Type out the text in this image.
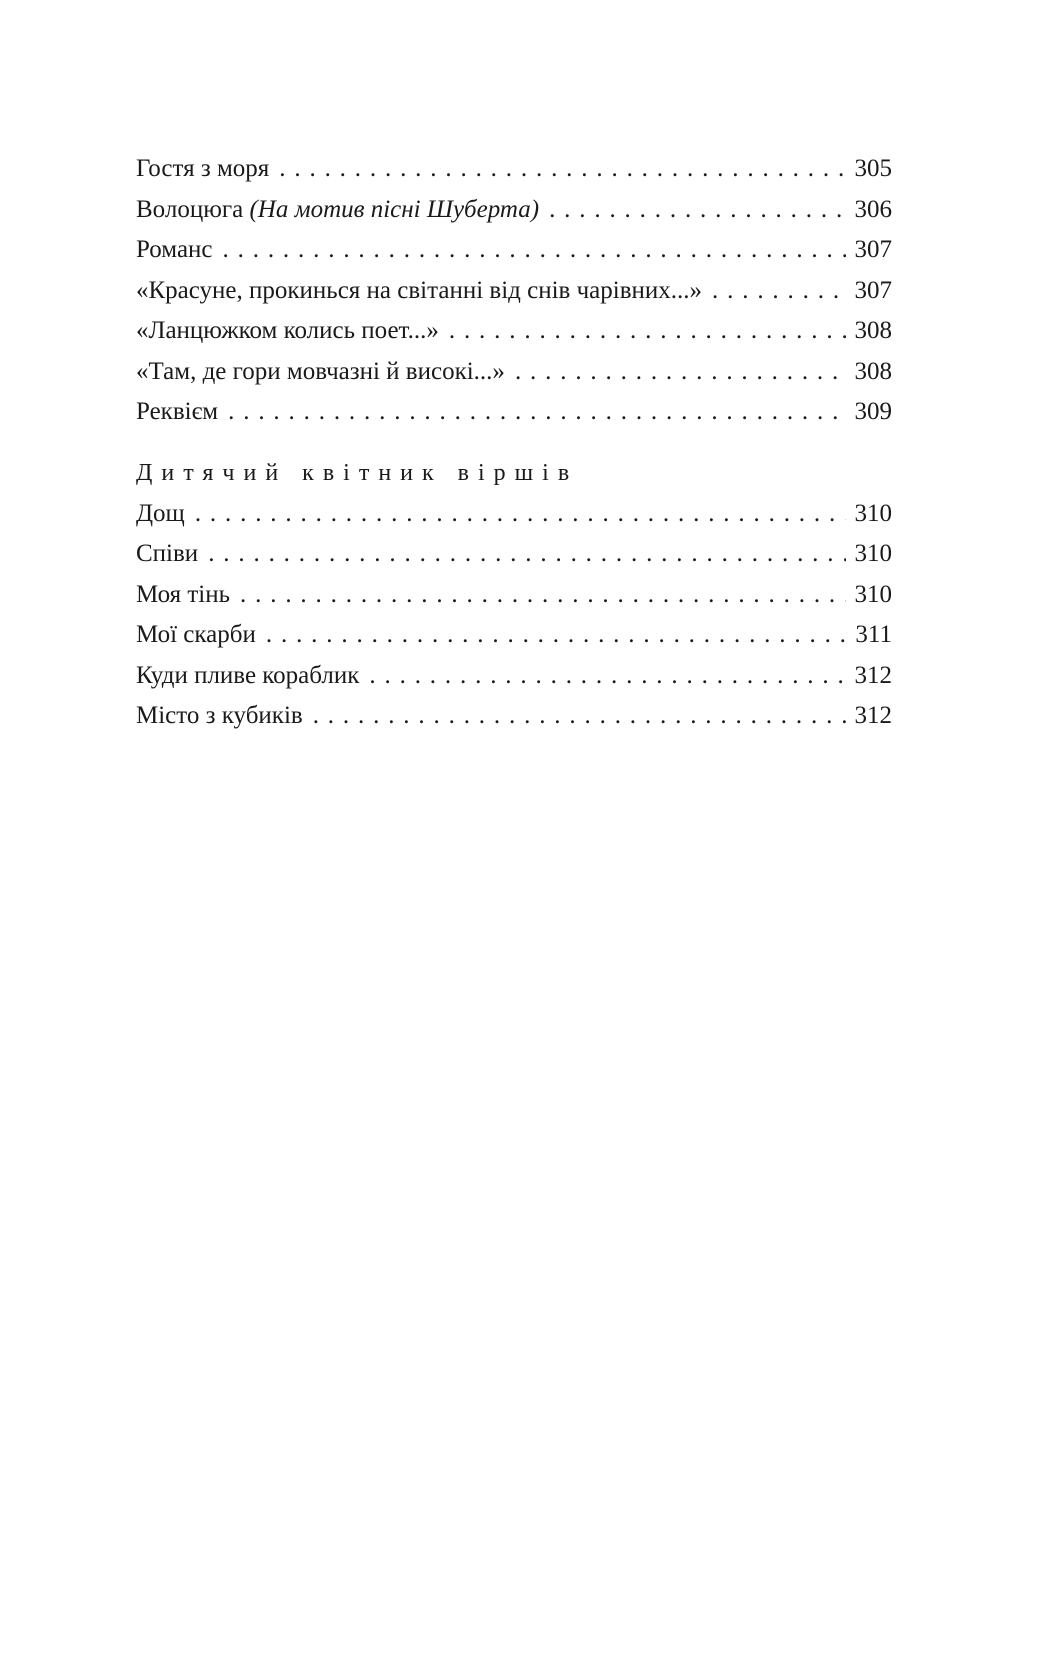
Гостя з моря . . .	305
Волоцюга (На мотив пісні Шуберта) . . .	306
Романс . . .	307
«Красуне, прокинься на світанні від снів чарівних...» . . .	307
«Ланцюжком колись поет...» . . .	308
«Там, де гори мовчазні й високі...» . . .	308
Реквієм . . .	309
Дитячий квітник віршів
Дощ . . .	310
Співи . . .	310
Моя тінь . . .	310
Мої скарби . . .	311
Куди пливе кораблик . . .	312
Місто з кубиків . . .	312
